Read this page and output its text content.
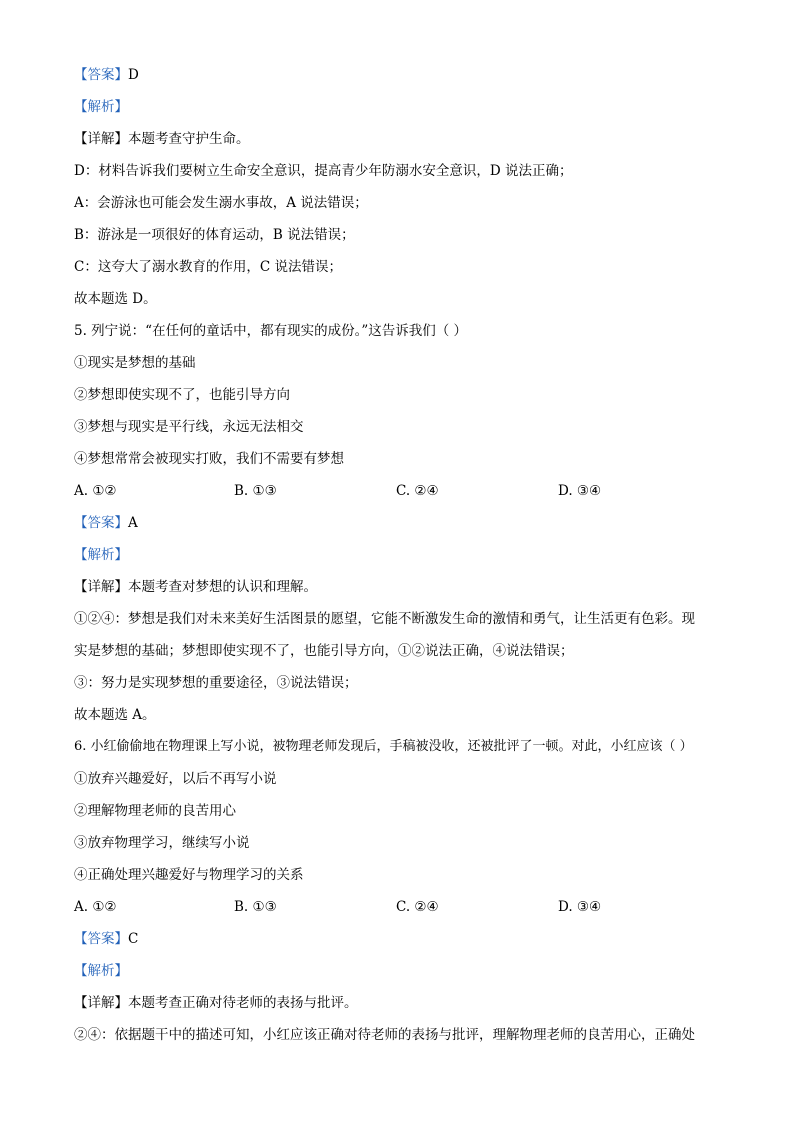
【答案】D
【解析】
【详解】本题考查守护生命。
D：材料告诉我们要树立生命安全意识，提高青少年防溺水安全意识，D 说法正确；
A：会游泳也可能会发生溺水事故，A 说法错误；
B：游泳是一项很好的体育运动，B 说法错误；
C：这夸大了溺水教育的作用，C 说法错误；
故本题选 D。
5. 列宁说：“在任何的童话中，都有现实的成份。”这告诉我们（ ）
①现实是梦想的基础
②梦想即使实现不了，也能引导方向
③梦想与现实是平行线，永远无法相交
④梦想常常会被现实打败，我们不需要有梦想
A. ①②	B. ①③	C. ②④	D. ③④
【答案】A
【解析】
【详解】本题考查对梦想的认识和理解。
①②④：梦想是我们对未来美好生活图景的愿望，它能不断激发生命的激情和勇气，让生活更有色彩。现
实是梦想的基础；梦想即使实现不了，也能引导方向，①②说法正确，④说法错误；
③：努力是实现梦想的重要途径，③说法错误；
故本题选 A。
6. 小红偷偷地在物理课上写小说，被物理老师发现后，手稿被没收，还被批评了一顿。对此，小红应该（ ）
①放弃兴趣爱好，以后不再写小说
②理解物理老师的良苦用心
③放弃物理学习，继续写小说
④正确处理兴趣爱好与物理学习的关系
A. ①②	B. ①③	C. ②④	D. ③④
【答案】C
【解析】
【详解】本题考查正确对待老师的表扬与批评。
②④：依据题干中的描述可知，小红应该正确对待老师的表扬与批评，理解物理老师的良苦用心，正确处
